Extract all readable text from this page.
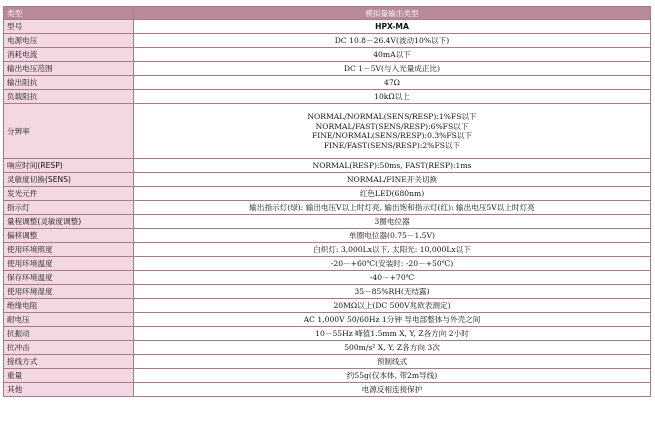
类型	模拟量输出类型
型号	HPX-MA
电源电压	DC 10.8－26.4V(波动10%以下)
消耗电流	40mA以下
输出电压范围	DC 1－5V(与入光量成正比)
输出阻抗	47Ω
负载阻抗	10kΩ以上
分辨率	NORMAL/NORMAL(SENS/RESP):1%FS以下
NORMAL/FAST(SENS/RESP):6%FS以下
FINE/NORMAL(SENS/RESP):0.3%FS以下
FINE/FAST(SENS/RESP):2%FS以下

响应时间(RESP)	NORMAL(RESP):50ms, FAST(RESP):1ms
灵敏度切换(SENS)	NORMAL/FINE开关切换
发光元件	红色LED(680nm)
指示灯	输出指示灯(绿): 输出电压V以上时灯亮, 输出饱和指示灯(红): 输出电压5V以上时灯亮
量程调整(灵敏度调整)	3圈电位器
偏移调整	单圈电位器(0.75－1.5V)
使用环境照度	白炽灯: 3,000Lx以下, 太阳光: 10,000Lx以下
使用环境温度	-20－+60℃(安装时: -20－+50℃)
保存环境温度	-40－+70℃
使用环境湿度	35－85%RH(无结露)
绝缘电阻	20MΩ以上(DC 500V兆欧表测定)
耐电压	AC 1,000V 50/60Hz 1分钟 导电部整体与外壳之间
抗振动	10－55Hz 峰值1.5mm X, Y, Z各方向 2小时
抗冲击	500m/s² X, Y, Z各方向 3次
接线方式	预制线式
重量	约55g(仅本体, 带2m导线)
其他	电源反相连接保护
